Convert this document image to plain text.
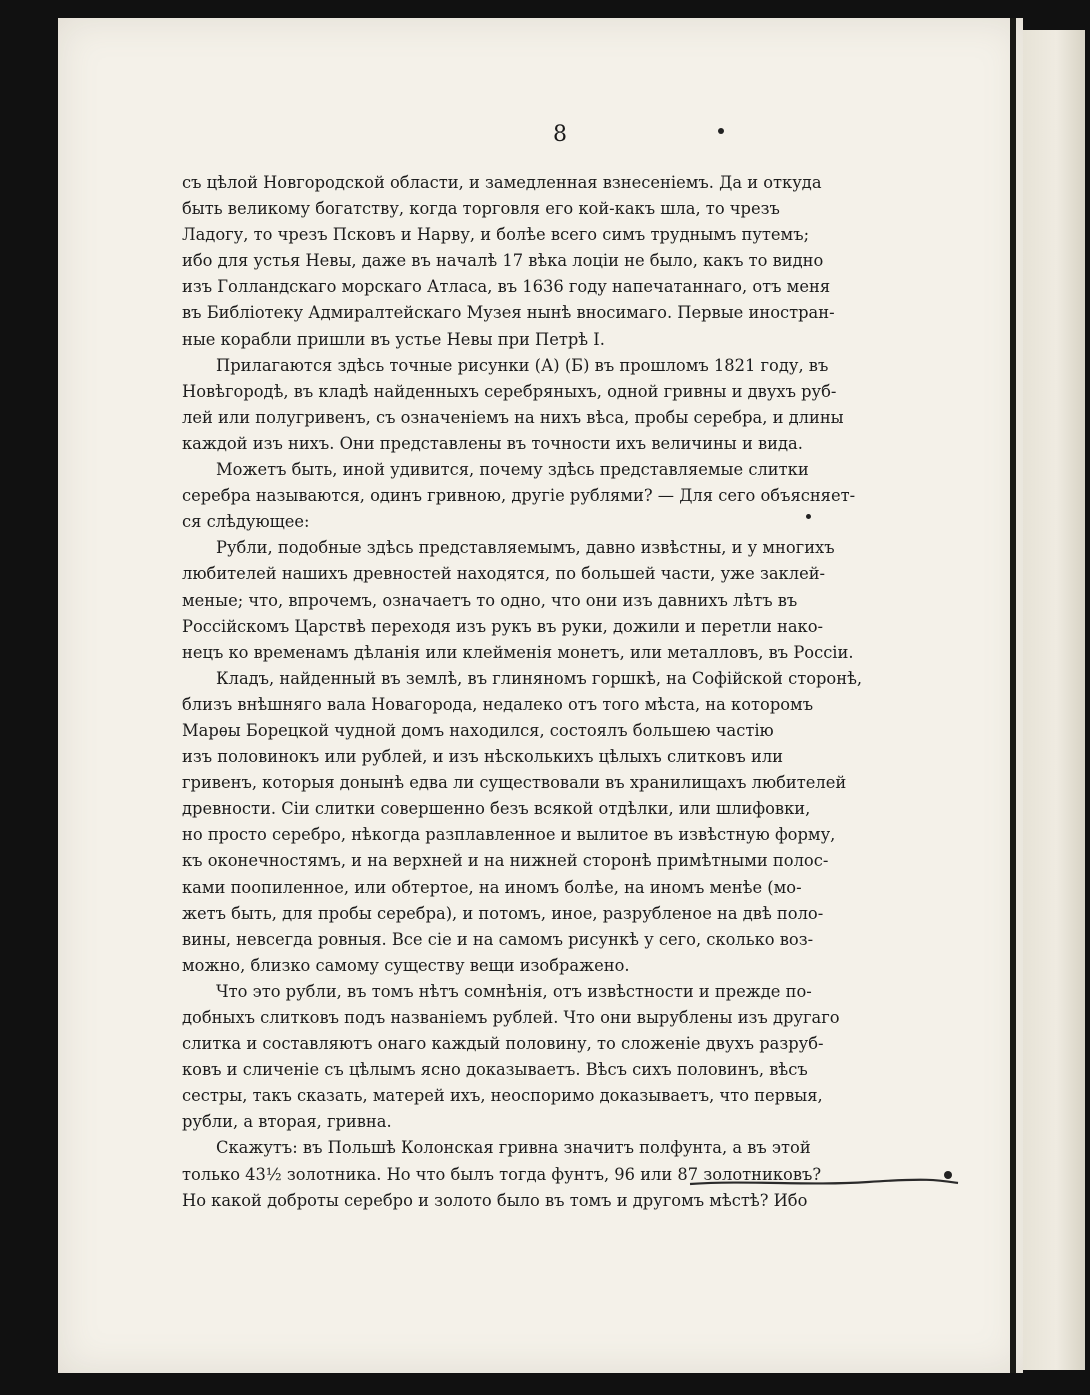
8
съ цѣлой Новгородской области, и замедленная взнесеніемъ. Да и откуда
быть великому богатству, когда торговля его кой-какъ шла, то чрезъ
Ладогу, то чрезъ Псковъ и Нарву, и болѣе всего симъ труднымъ путемъ;
ибо для устья Невы, даже въ началѣ 17 вѣка лоціи не было, какъ то видно
изъ Голландскаго морскаго Атласа, въ 1636 году напечатаннаго, отъ меня
въ Библіотеку Адмиралтейскаго Музея нынѣ вносимаго. Первые иностран-
ные корабли пришли въ устье Невы при Петрѣ I.
Прилагаются здѣсь точные рисунки (А) (Б) въ прошломъ 1821 году, въ
Новѣгородѣ, въ кладѣ найденныхъ серебряныхъ, одной гривны и двухъ руб-
лей или полугривенъ, съ означеніемъ на нихъ вѣса, пробы серебра, и длины
каждой изъ нихъ. Они представлены въ точности ихъ величины и вида.
Можетъ быть, иной удивится, почему здѣсь представляемые слитки
серебра называются, одинъ гривною, другіе рублями? — Для сего объясняет-
ся слѣдующее:
Рубли, подобные здѣсь представляемымъ, давно извѣстны, и у многихъ
любителей нашихъ древностей находятся, по большей части, уже заклей-
меные; что, впрочемъ, означаетъ то одно, что они изъ давнихъ лѣтъ въ
Россійскомъ Царствѣ переходя изъ рукъ въ руки, дожили и перетли нако-
нецъ ко временамъ дѣланія или клейменія монетъ, или металловъ, въ Россіи.
Кладъ, найденный въ землѣ, въ глиняномъ горшкѣ, на Софійской сторонѣ,
близъ внѣшняго вала Новагорода, недалеко отъ того мѣста, на которомъ
Марѳы Борецкой чудной домъ находился, состоялъ большею частію
изъ половинокъ или рублей, и изъ нѣсколькихъ цѣлыхъ слитковъ или
гривенъ, которыя донынѣ едва ли существовали въ хранилищахъ любителей
древности. Сіи слитки совершенно безъ всякой отдѣлки, или шлифовки,
но просто серебро, нѣкогда разплавленное и вылитое въ извѣстную форму,
къ оконечностямъ, и на верхней и на нижней сторонѣ примѣтными полос-
ками поопиленное, или обтертое, на иномъ болѣе, на иномъ менѣе (мо-
жетъ быть, для пробы серебра), и потомъ, иное, разрубленое на двѣ поло-
вины, невсегда ровныя. Все сіе и на самомъ рисункѣ у сего, сколько воз-
можно, близко самому существу вещи изображено.
Что это рубли, въ томъ нѣтъ сомнѣнія, отъ извѣстности и прежде по-
добныхъ слитковъ подъ названіемъ рублей. Что они вырублены изъ другаго
слитка и составляютъ онаго каждый половину, то сложеніе двухъ разруб-
ковъ и сличеніе съ цѣлымъ ясно доказываетъ. Вѣсъ сихъ половинъ, вѣсъ
сестры, такъ сказать, матерей ихъ, неоспоримо доказываетъ, что первыя,
рубли, а вторая, гривна.
Скажутъ: въ Польшѣ Колонская гривна значитъ полфунта, а въ этой
только 43½ золотника. Но что былъ тогда фунтъ, 96 или 87 золотниковъ?
Но какой доброты серебро и золото было въ томъ и другомъ мѣстѣ? Ибо
